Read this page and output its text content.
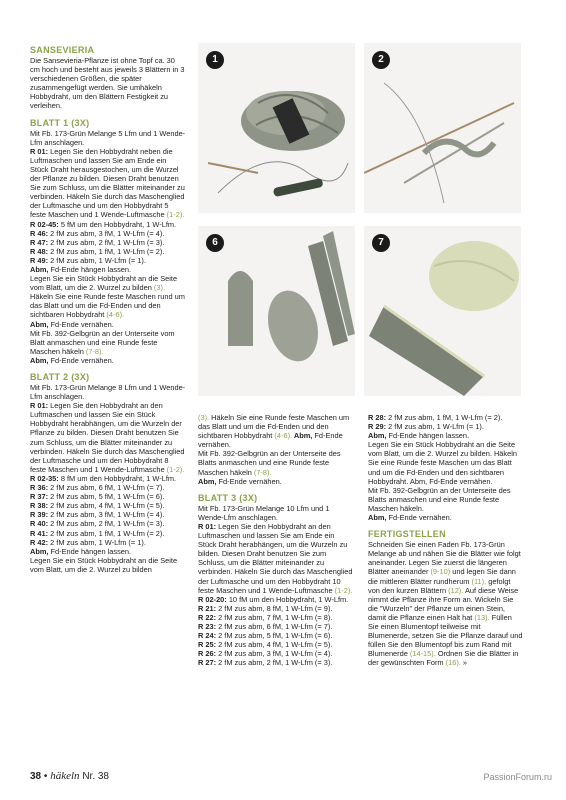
1	2
6	7

SANSEVIERIA

Die Sansevieria-Pflanze ist ohne Topf ca. 30 cm hoch und besteht aus jeweils 3 Blättern in 3 verschiedenen Größen, die später zusammengefügt werden. Sie umhäkeln Hobbydraht, um den Blättern Festigkeit zu verleihen.

BLATT 1 (3X)

Mit Fb. 173-Grün Melange 5 Lfm und 1 Wende-Lfm anschlagen.

R 01: Legen Sie den Hobbydraht neben die Luftmaschen und lassen Sie am Ende ein Stück Draht herausgestochen, um die Wurzel der Pflanze zu bilden. Diesen Draht benutzen Sie zum Schluss, um die Blätter miteinander zu verbinden. Häkeln Sie durch das Maschenglied der Luftmasche und um den Hobbydraht 5 feste Maschen und 1 Wende-Luftmasche (1-2).

R 02-45: 5 fM um den Hobbydraht, 1 W-Lfm.

R 46: 2 fM zus abm, 3 fM, 1 W-Lfm (= 4).

R 47: 2 fM zus abm, 2 fM, 1 W-Lfm (= 3).

R 48: 2 fM zus abm, 1 fM, 1 W-Lfm (= 2).

R 49: 2 fM zus abm, 1 W-Lfm (= 1).

Abm, Fd-Ende hängen lassen.

Legen Sie ein Stück Hobbydraht an die Seite vom Blatt, um die 2. Wurzel zu bilden (3). Häkeln Sie eine Runde feste Maschen rund um das Blatt und um die Fd-Enden und den sichtbaren Hobbydraht (4-6).

Abm, Fd-Ende vernähen.

Mit Fb. 392-Gelbgrün an der Unterseite vom Blatt anmaschen und eine Runde feste Maschen häkeln (7-8).

Abm, Fd-Ende vernähen.

BLATT 2 (3X)

Mit Fb. 173-Grün Melange 8 Lfm und 1 Wende-Lfm anschlagen.

R 01: Legen Sie den Hobbydraht an den Luftmaschen und lassen Sie ein Stück Hobbydraht herabhängen, um die Wurzeln der Pflanze zu bilden. Diesen Draht benutzen Sie zum Schluss, um die Blätter miteinander zu verbinden. Häkeln Sie durch das Maschenglied der Luftmasche und um den Hobbydraht 8 feste Maschen und 1 Wende-Luftmasche (1-2).

R 02-35: 8 fM um den Hobbydraht, 1 W-Lfm.

R 36: 2 fM zus abm, 6 fM, 1 W-Lfm (= 7).

R 37: 2 fM zus abm, 5 fM, 1 W-Lfm (= 6).

R 38: 2 fM zus abm, 4 fM, 1 W-Lfm (= 5).

R 39: 2 fM zus abm, 3 fM, 1 W-Lfm (= 4).

R 40: 2 fM zus abm, 2 fM, 1 W-Lfm (= 3).

R 41: 2 fM zus abm, 1 fM, 1 W-Lfm (= 2).

R 42: 2 fM zus abm, 1 W-Lfm (= 1).

Abm, Fd-Ende hängen lassen.

Legen Sie ein Stück Hobbydraht an die Seite vom Blatt, um die 2. Wurzel zu bilden

(3). Häkeln Sie eine Runde feste Maschen um das Blatt und um die Fd-Enden und den sichtbaren Hobbydraht (4-6). Abm, Fd-Ende vernähen.

Mit Fb. 392-Gelbgrün an der Unterseite des Blatts anmaschen und eine Runde feste Maschen häkeln (7-8).

Abm, Fd-Ende vernähen.

BLATT 3 (3X)

Mit Fb. 173-Grün Melange 10 Lfm und 1 Wende-Lfm anschlagen.

R 01: Legen Sie den Hobbydraht an den Luftmaschen und lassen Sie am Ende ein Stück Draht herabhängen, um die Wurzeln zu bilden. Diesen Draht benutzen Sie zum Schluss, um die Blätter miteinander zu verbinden. Häkeln Sie durch das Maschenglied der Luftmasche und um den Hobbydraht 10 feste Maschen und 1 Wende-Luftmasche (1-2).

R 02-20: 10 fM um den Hobbydraht, 1 W-Lfm.

R 21: 2 fM zus abm, 8 fM, 1 W-Lfm (= 9).

R 22: 2 fM zus abm, 7 fM, 1 W-Lfm (= 8).

R 23: 2 fM zus abm, 6 fM, 1 W-Lfm (= 7).

R 24: 2 fM zus abm, 5 fM, 1 W-Lfm (= 6).

R 25: 2 fM zus abm, 4 fM, 1 W-Lfm (= 5).

R 26: 2 fM zus abm, 3 fM, 1 W-Lfm (= 4).

R 27: 2 fM zus abm, 2 fM, 1 W-Lfm (= 3).

R 28: 2 fM zus abm, 1 fM, 1 W-Lfm (= 2).

R 29: 2 fM zus abm, 1 W-Lfm (= 1).

Abm, Fd-Ende hängen lassen.

Legen Sie ein Stück Hobbydraht an die Seite vom Blatt, um die 2. Wurzel zu bilden. Häkeln Sie eine Runde feste Maschen um das Blatt und um die Fd-Enden und den sichtbaren Hobbydraht. Abm, Fd-Ende vernähen.

Mit Fb. 392-Gelbgrün an der Unterseite des Blatts anmaschen und eine Runde feste Maschen häkeln.

Abm, Fd-Ende vernähen.

FERTIGSTELLEN

Schneiden Sie einen Faden Fb. 173-Grün Melange ab und nähen Sie die Blätter wie folgt aneinander. Legen Sie zuerst die längeren Blätter aneinander (9-10) und legen Sie dann die mittleren Blätter rundherum (11), gefolgt von den kurzen Blättern (12). Auf diese Weise nimmt die Pflanze ihre Form an. Wickeln Sie die "Wurzeln" der Pflanze um einen Stein, damit die Pflanze einen Halt hat (13). Füllen Sie einen Blumentopf teilweise mit Blumenerde, setzen Sie die Pflanze darauf und füllen Sie den Blumentopf bis zum Rand mit Blumenerde (14-15). Ordnen Sie die Blätter in der gewünschten Form (16). »

38 • häkeln Nr. 38	PassionForum.ru
